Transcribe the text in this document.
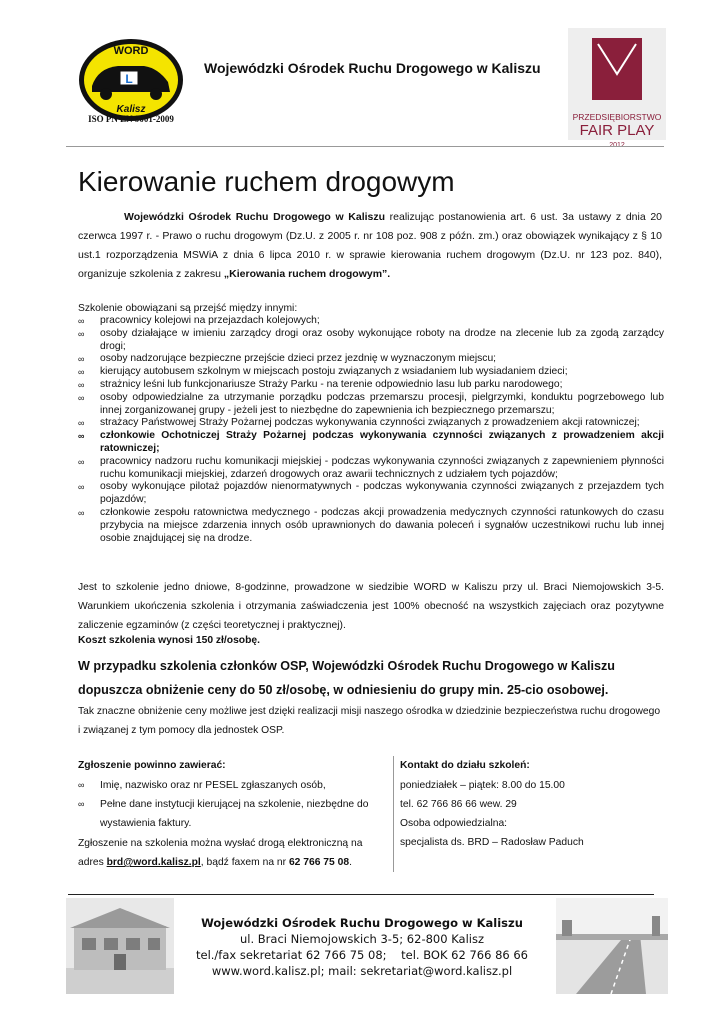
L
WORD
Kalisz
ISO PN EN 9001-2009
Wojewódzki Ośrodek Ruchu Drogowego w Kaliszu
PRZEDSIĘBIORSTWO
FAIR PLAY
Kierowanie ruchem drogowym
Wojewódzki Ośrodek Ruchu Drogowego w Kaliszu realizując postanowienia art. 6 ust. 3a ustawy z dnia 20 czerwca 1997 r. - Prawo o ruchu drogowym (Dz.U. z 2005 r. nr 108 poz. 908 z późn. zm.) oraz obowiązek wynikający z § 10 ust.1 rozporządzenia MSWiA z dnia 6 lipca 2010 r. w sprawie kierowania ruchem drogowym (Dz.U. nr 123 poz. 840), organizuje szkolenia z zakresu „Kierowania ruchem drogowym”.
Szkolenie obowiązani są przejść między innymi:
∞ pracownicy kolejowi na przejazdach kolejowych;
∞ osoby działające w imieniu zarządcy drogi oraz osoby wykonujące roboty na drodze na zlecenie lub za zgodą zarządcy drogi;
∞ osoby nadzorujące bezpieczne przejście dzieci przez jezdnię w wyznaczonym miejscu;
∞ kierujący autobusem szkolnym w miejscach postoju związanych z wsiadaniem lub wysiadaniem dzieci;
∞ strażnicy leśni lub funkcjonariusze Straży Parku - na terenie odpowiednio lasu lub parku narodowego;
∞ osoby odpowiedzialne za utrzymanie porządku podczas przemarszu procesji, pielgrzymki, konduktu pogrzebowego lub innej zorganizowanej grupy - jeżeli jest to niezbędne do zapewnienia ich bezpiecznego przemarszu;
∞ strażacy Państwowej Straży Pożarnej podczas wykonywania czynności związanych z prowadzeniem akcji ratowniczej;
∞ członkowie Ochotniczej Straży Pożarnej podczas wykonywania czynności związanych z prowadzeniem akcji ratowniczej;
∞ pracownicy nadzoru ruchu komunikacji miejskiej - podczas wykonywania czynności związanych z zapewnieniem płynności ruchu komunikacji miejskiej, zdarzeń drogowych oraz awarii technicznych z udziałem tych pojazdów;
∞ osoby wykonujące pilotaż pojazdów nienormatywnych - podczas wykonywania czynności związanych z przejazdem tych pojazdów;
∞ członkowie zespołu ratownictwa medycznego - podczas akcji prowadzenia medycznych czynności ratunkowych do czasu przybycia na miejsce zdarzenia innych osób uprawnionych do dawania poleceń i sygnałów uczestnikowi ruchu lub innej osobie znajdującej się na drodze.
Jest to szkolenie jedno dniowe, 8-godzinne, prowadzone w siedzibie WORD w Kaliszu przy ul. Braci Niemojowskich 3-5. Warunkiem ukończenia szkolenia i otrzymania zaświadczenia jest 100% obecność na wszystkich zajęciach oraz pozytywne zaliczenie egzaminów (z części teoretycznej i praktycznej).
Koszt szkolenia wynosi 150 zł/osobę.
W przypadku szkolenia członków OSP, Wojewódzki Ośrodek Ruchu Drogowego w Kaliszu dopuszcza obniżenie ceny do 50 zł/osobę, w odniesieniu do grupy min. 25-cio osobowej.
Tak znaczne obniżenie ceny możliwe jest dzięki realizacji misji naszego ośrodka w dziedzinie bezpieczeństwa ruchu drogowego i związanej z tym pomocy dla jednostek OSP.
Zgłoszenie powinno zawierać:
∞ Imię, nazwisko oraz nr PESEL zgłaszanych osób,
∞ Pełne dane instytucji kierującej na szkolenie, niezbędne do wystawienia faktury.
Zgłoszenie na szkolenia można wysłać drogą elektroniczną na adres brd@word.kalisz.pl, bądź faxem na nr 62 766 75 08.
Kontakt do działu szkoleń:
poniedziałek – piątek: 8.00 do 15.00
tel. 62 766 86 66 wew. 29
Osoba odpowiedzialna:
specjalista ds. BRD – Radosław Paduch
Wojewódzki Ośrodek Ruchu Drogowego w Kaliszu
ul. Braci Niemojowskich 3-5; 62-800 Kalisz
tel./fax sekretariat 62 766 75 08;    tel. BOK 62 766 86 66
www.word.kalisz.pl; mail: sekretariat@word.kalisz.pl
